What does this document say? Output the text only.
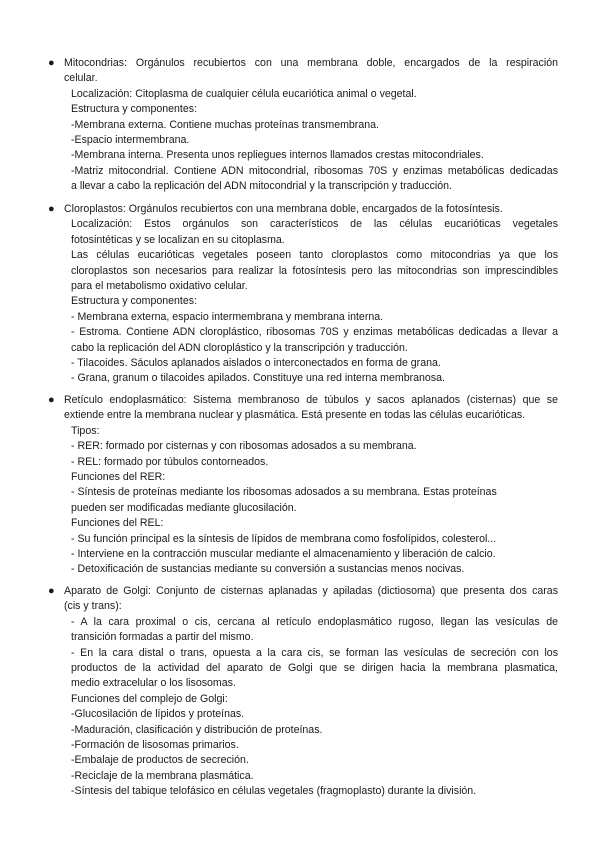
● Mitocondrias: Orgánulos recubiertos con una membrana doble, encargados de la respiración
celular.
Localización: Citoplasma de cualquier célula eucariótica animal o vegetal.
Estructura y componentes:
-Membrana externa. Contiene muchas proteínas transmembrana.
-Espacio intermembrana.
-Membrana interna. Presenta unos repliegues internos llamados crestas mitocondriales.
-Matriz mitocondrial. Contiene ADN mitocondrial, ribosomas 70S y enzimas metabólicas dedicadas
a llevar a cabo la replicación del ADN mitocondrial y la transcripción y traducción.
● Cloroplastos: Orgánulos recubiertos con una membrana doble, encargados de la fotosíntesis.
Localización: Estos orgánulos son característicos de las células eucarióticas vegetales
fotosintéticas y se localizan en su citoplasma.
Las células eucarióticas vegetales poseen tanto cloroplastos como mitocondrias ya que los
cloroplastos son necesarios para realizar la fotosíntesis pero las mitocondrias son imprescindibles
para el metabolismo oxidativo celular.
Estructura y componentes:
- Membrana externa, espacio intermembrana y membrana interna.
- Estroma. Contiene ADN cloroplástico, ribosomas 70S y enzimas metabólicas dedicadas a llevar a
cabo la replicación del ADN cloroplástico y la transcripción y traducción.
- Tilacoides. Sáculos aplanados aislados o interconectados en forma de grana.
- Grana, granum o tilacoides apilados. Constituye una red interna membranosa.
● Retículo endoplasmático: Sistema membranoso de túbulos y sacos aplanados (cisternas) que se
extiende entre la membrana nuclear y plasmática. Está presente en todas las células eucarióticas.
Tipos:
- RER: formado por cisternas y con ribosomas adosados a su membrana.
- REL: formado por túbulos contorneados.
Funciones del RER:
- Síntesis de proteínas mediante los ribosomas adosados a su membrana. Estas proteínas
pueden ser modificadas mediante glucosilación.
Funciones del REL:
- Su función principal es la síntesis de lípidos de membrana como fosfolípidos, colesterol...
- Interviene en la contracción muscular mediante el almacenamiento y liberación de calcio.
- Detoxificación de sustancias mediante su conversión a sustancias menos nocivas.
● Aparato de Golgi: Conjunto de cisternas aplanadas y apiladas (dictiosoma) que presenta dos caras
(cis y trans):
- A la cara proximal o cis, cercana al retículo endoplasmático rugoso, llegan las vesículas de
transición formadas a partir del mismo.
- En la cara distal o trans, opuesta a la cara cis, se forman las vesículas de secreción con los
productos de la actividad del aparato de Golgi que se dirigen hacia la membrana plasmatica,
medio extracelular o los lisosomas.
Funciones del complejo de Golgi:
-Glucosilación de lípidos y proteínas.
-Maduración, clasificación y distribución de proteínas.
-Formación de lisosomas primarios.
-Embalaje de productos de secreción.
-Reciclaje de la membrana plasmática.
-Síntesis del tabique telofásico en células vegetales (fragmoplasto) durante la división.
